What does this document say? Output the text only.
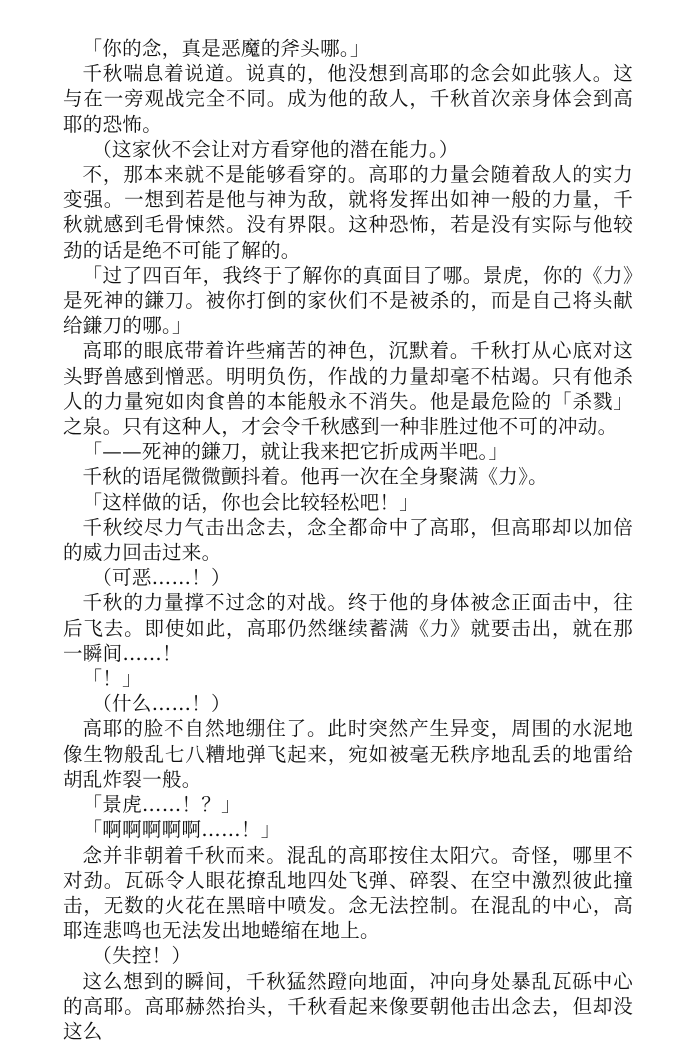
「你的念，真是恶魔的斧头哪。」

千秋喘息着说道。说真的，他没想到高耶的念会如此骇人。这与在一旁观战完全不同。成为他的敌人，千秋首次亲身体会到高耶的恐怖。

（这家伙不会让对方看穿他的潜在能力。）

不，那本来就不是能够看穿的。高耶的力量会随着敌人的实力变强。一想到若是他与神为敌，就将发挥出如神一般的力量，千秋就感到毛骨悚然。没有界限。这种恐怖，若是没有实际与他较劲的话是绝不可能了解的。

「过了四百年，我终于了解你的真面目了哪。景虎，你的《力》是死神的鎌刀。被你打倒的家伙们不是被杀的，而是自己将头献给鎌刀的哪。」

高耶的眼底带着许些痛苦的神色，沉默着。千秋打从心底对这头野兽感到憎恶。明明负伤，作战的力量却毫不枯竭。只有他杀人的力量宛如肉食兽的本能般永不消失。他是最危险的「杀戮」之泉。只有这种人，才会令千秋感到一种非胜过他不可的冲动。

「——死神的鎌刀，就让我来把它折成两半吧。」

千秋的语尾微微颤抖着。他再一次在全身聚满《力》。

「这样做的话，你也会比较轻松吧！」

千秋绞尽力气击出念去，念全都命中了高耶，但高耶却以加倍的威力回击过来。

（可恶……！）

千秋的力量撑不过念的对战。终于他的身体被念正面击中，往后飞去。即使如此，高耶仍然继续蓄满《力》就要击出，就在那一瞬间……！

「！」

（什么……！）

高耶的脸不自然地绷住了。此时突然产生异变，周围的水泥地像生物般乱七八糟地弹飞起来，宛如被毫无秩序地乱丢的地雷给胡乱炸裂一般。

「景虎……！？」

「啊啊啊啊啊……！」

念并非朝着千秋而来。混乱的高耶按住太阳穴。奇怪，哪里不对劲。瓦砾令人眼花撩乱地四处飞弹、碎裂、在空中激烈彼此撞击，无数的火花在黑暗中喷发。念无法控制。在混乱的中心，高耶连悲鸣也无法发出地蜷缩在地上。

（失控！）

这么想到的瞬间，千秋猛然蹬向地面，冲向身处暴乱瓦砾中心的高耶。高耶赫然抬头，千秋看起来像要朝他击出念去，但却没这么
